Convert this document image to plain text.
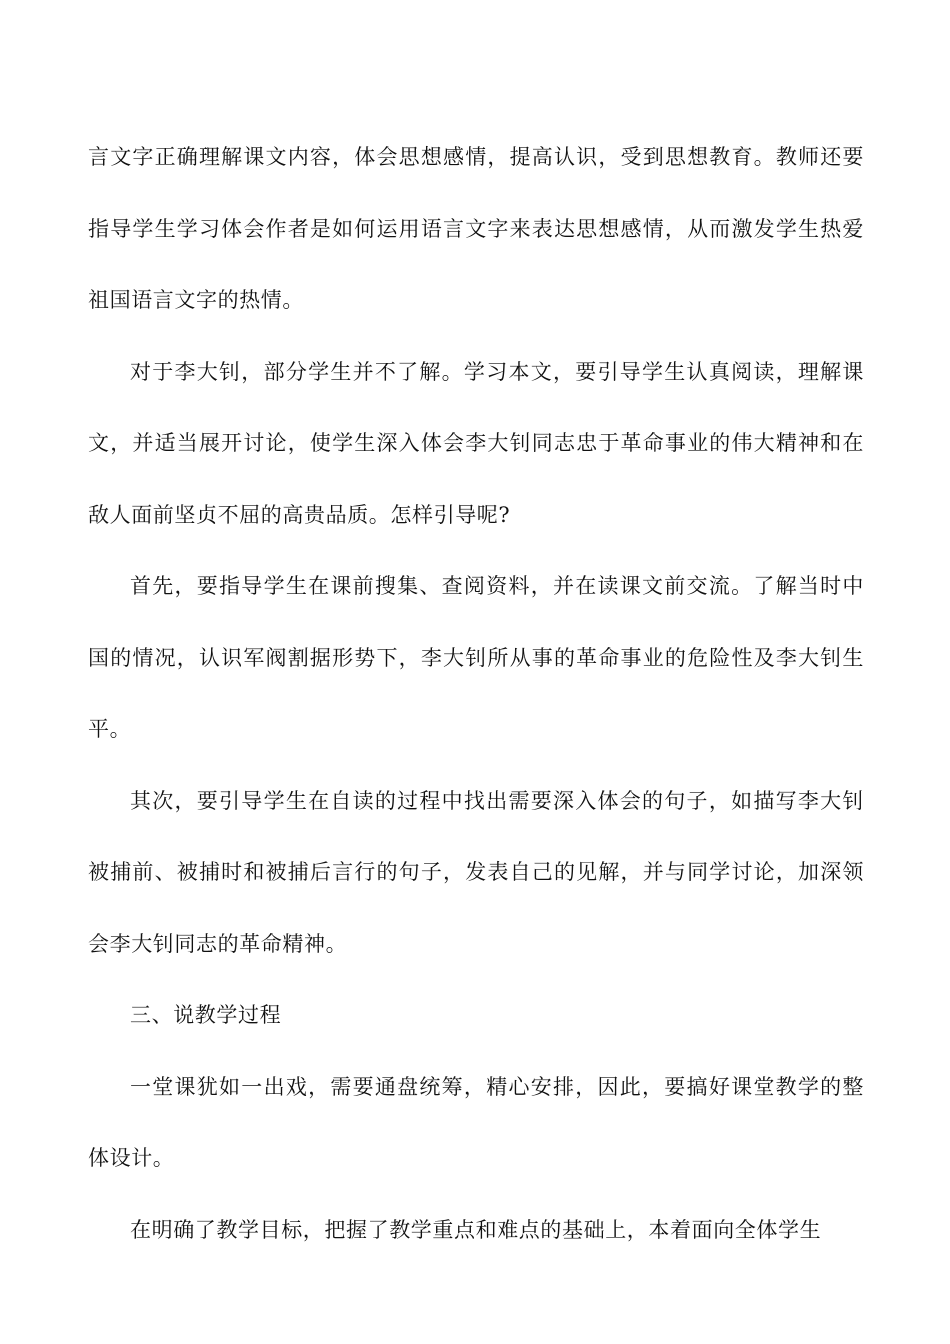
言文字正确理解课文内容，体会思想感情，提高认识，受到思想教育。教师还要指导学生学习体会作者是如何运用语言文字来表达思想感情，从而激发学生热爱祖国语言文字的热情。

对于李大钊，部分学生并不了解。学习本文，要引导学生认真阅读，理解课文，并适当展开讨论，使学生深入体会李大钊同志忠于革命事业的伟大精神和在敌人面前坚贞不屈的高贵品质。怎样引导呢?

首先，要指导学生在课前搜集、查阅资料，并在读课文前交流。了解当时中国的情况，认识军阀割据形势下，李大钊所从事的革命事业的危险性及李大钊生平。

其次，要引导学生在自读的过程中找出需要深入体会的句子，如描写李大钊被捕前、被捕时和被捕后言行的句子，发表自己的见解，并与同学讨论，加深领会李大钊同志的革命精神。

三、说教学过程

一堂课犹如一出戏，需要通盘统筹，精心安排，因此，要搞好课堂教学的整体设计。

在明确了教学目标，把握了教学重点和难点的基础上，本着面向全体学生
